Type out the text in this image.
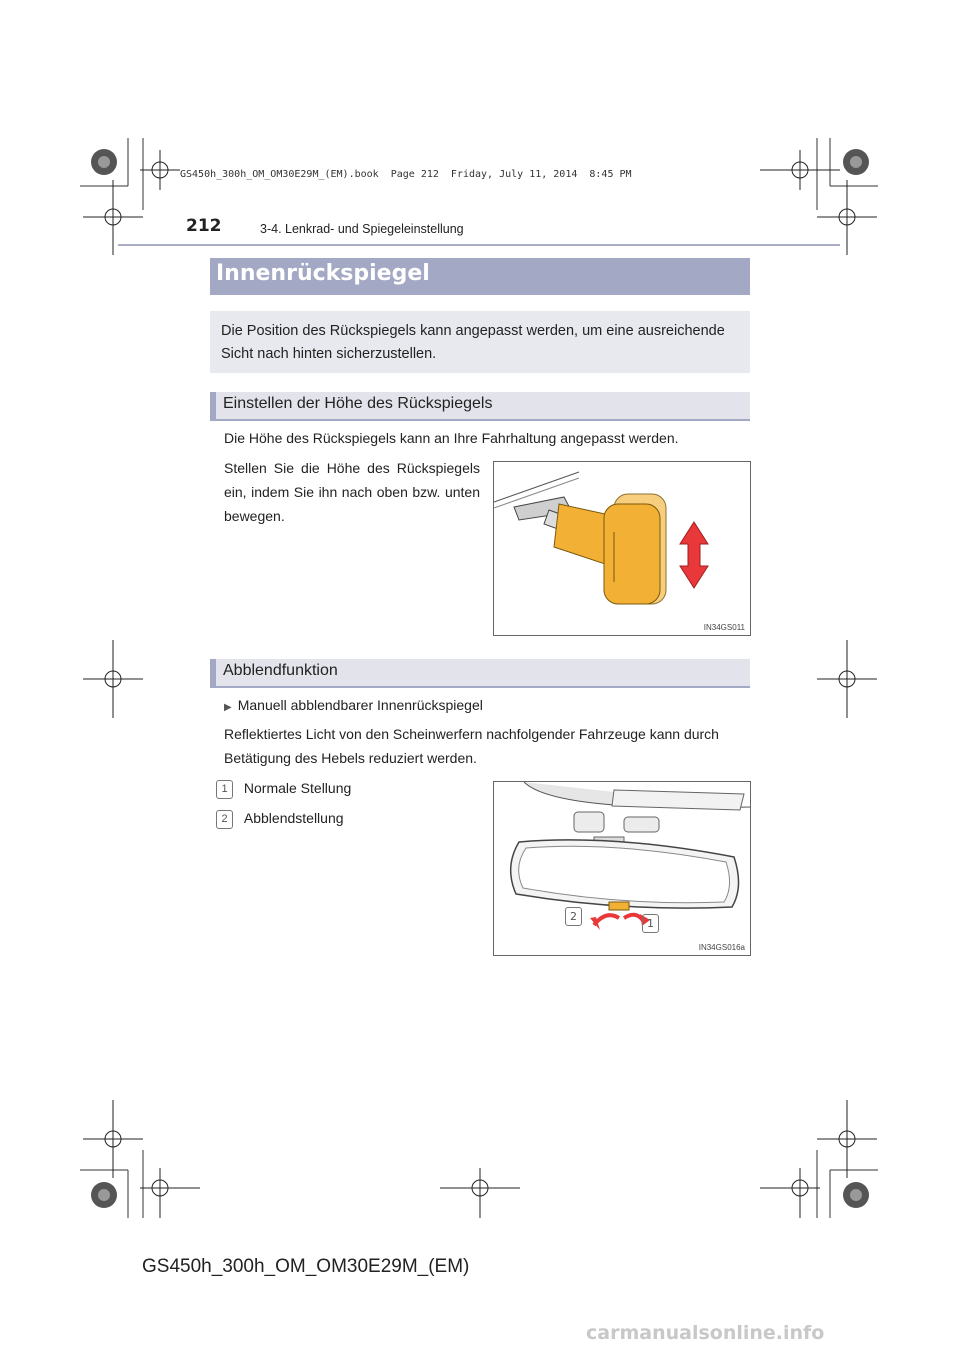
GS450h_300h_OM_OM30E29M_(EM).book  Page 212  Friday, July 11, 2014  8:45 PM
212	3-4. Lenkrad- und Spiegeleinstellung
Innenrückspiegel
Die Position des Rückspiegels kann angepasst werden, um eine ausreichende Sicht nach hinten sicherzustellen.
Einstellen der Höhe des Rückspiegels
Die Höhe des Rückspiegels kann an Ihre Fahrhaltung angepasst werden.
Stellen Sie die Höhe des Rückspiegels ein, indem Sie ihn nach oben bzw. unten bewegen.
IN34GS011
Abblendfunktion
▶ Manuell abblendbarer Innenrückspiegel
Reflektiertes Licht von den Scheinwerfern nachfolgender Fahrzeuge kann durch Betätigung des Hebels reduziert werden.
1 Normale Stellung
2 Abblendstellung
2
1
IN34GS016a
GS450h_300h_OM_OM30E29M_(EM)
carmanualsonline.info
